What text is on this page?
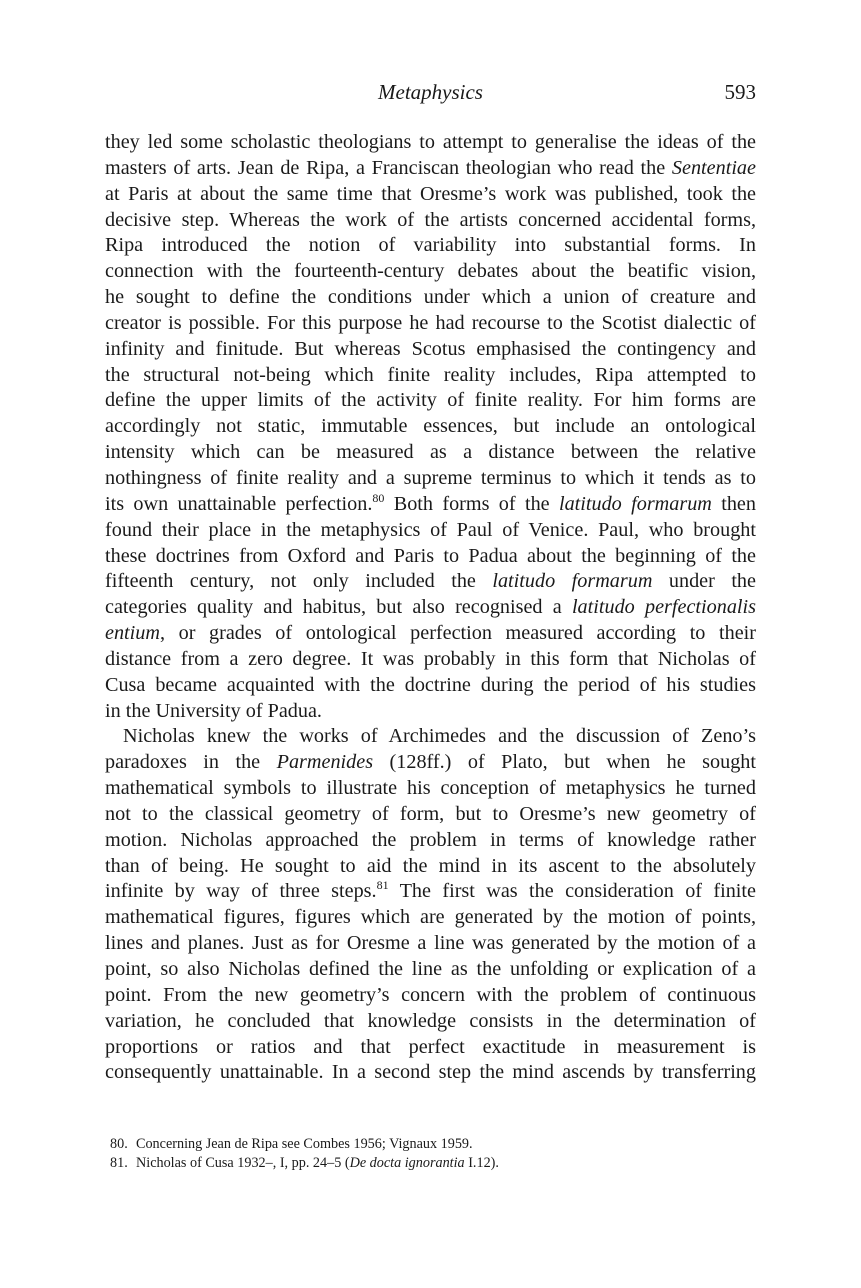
Metaphysics	593
they led some scholastic theologians to attempt to generalise the ideas of the
masters of arts. Jean de Ripa, a Franciscan theologian who read the Sententiae
at Paris at about the same time that Oresme’s work was published, took the
decisive step. Whereas the work of the artists concerned accidental forms,
Ripa introduced the notion of variability into substantial forms. In
connection with the fourteenth-century debates about the beatific vision,
he sought to define the conditions under which a union of creature and
creator is possible. For this purpose he had recourse to the Scotist dialectic of
infinity and finitude. But whereas Scotus emphasised the contingency and
the structural not-being which finite reality includes, Ripa attempted to
define the upper limits of the activity of finite reality. For him forms are
accordingly not static, immutable essences, but include an ontological
intensity which can be measured as a distance between the relative
nothingness of finite reality and a supreme terminus to which it tends as to
its own unattainable perfection.$^{80}$ Both forms of the latitudo formarum then
found their place in the metaphysics of Paul of Venice. Paul, who brought
these doctrines from Oxford and Paris to Padua about the beginning of the
fifteenth century, not only included the latitudo formarum under the
categories quality and habitus, but also recognised a latitudo perfectionalis
entium, or grades of ontological perfection measured according to their
distance from a zero degree. It was probably in this form that Nicholas of
Cusa became acquainted with the doctrine during the period of his studies
in the University of Padua.
Nicholas knew the works of Archimedes and the discussion of Zeno’s
paradoxes in the Parmenides (128ff.) of Plato, but when he sought
mathematical symbols to illustrate his conception of metaphysics he turned
not to the classical geometry of form, but to Oresme’s new geometry of
motion. Nicholas approached the problem in terms of knowledge rather
than of being. He sought to aid the mind in its ascent to the absolutely
infinite by way of three steps.$^{81}$ The first was the consideration of finite
mathematical figures, figures which are generated by the motion of points,
lines and planes. Just as for Oresme a line was generated by the motion of a
point, so also Nicholas defined the line as the unfolding or explication of a
point. From the new geometry’s concern with the problem of continuous
variation, he concluded that knowledge consists in the determination of
proportions or ratios and that perfect exactitude in measurement is
consequently unattainable. In a second step the mind ascends by transferring
80. Concerning Jean de Ripa see Combes 1956; Vignaux 1959.
81. Nicholas of Cusa 1932–, I, pp. 24–5 (De docta ignorantia I.12).
